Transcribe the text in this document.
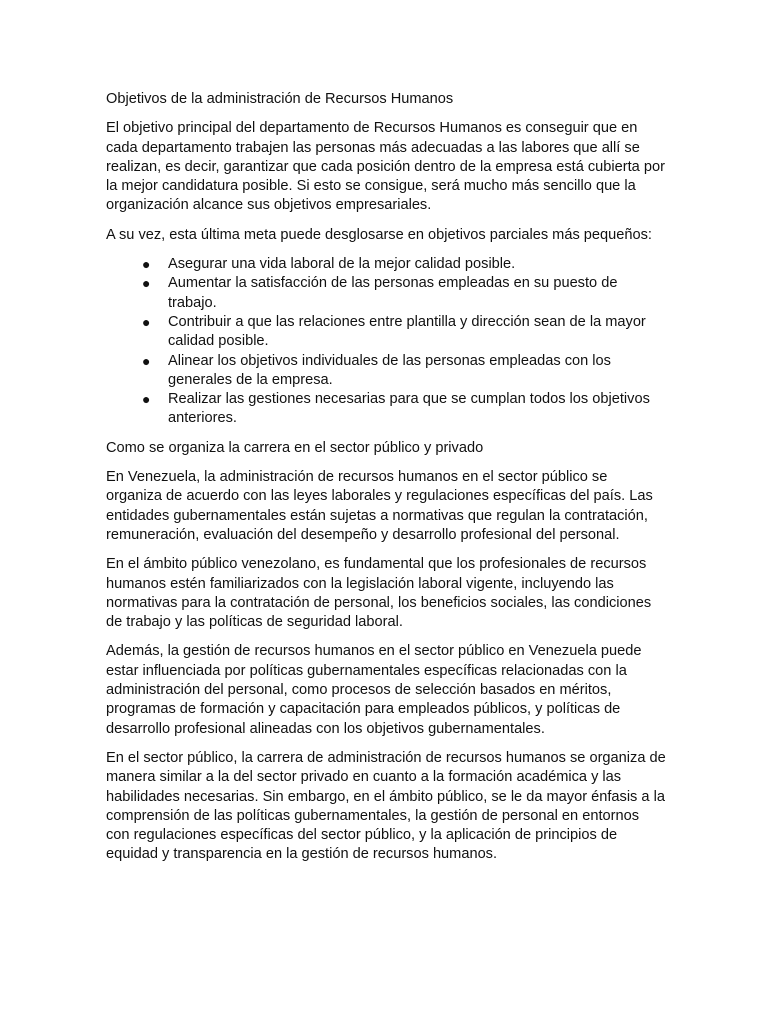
Objetivos de la administración de Recursos Humanos

El objetivo principal del departamento de Recursos Humanos es conseguir que en cada departamento trabajen las personas más adecuadas a las labores que allí se realizan, es decir, garantizar que cada posición dentro de la empresa está cubierta por la mejor candidatura posible. Si esto se consigue, será mucho más sencillo que la organización alcance sus objetivos empresariales.

A su vez, esta última meta puede desglosarse en objetivos parciales más pequeños:

● Asegurar una vida laboral de la mejor calidad posible.
● Aumentar la satisfacción de las personas empleadas en su puesto de trabajo.
● Contribuir a que las relaciones entre plantilla y dirección sean de la mayor calidad posible.
● Alinear los objetivos individuales de las personas empleadas con los generales de la empresa.
● Realizar las gestiones necesarias para que se cumplan todos los objetivos anteriores.

Como se organiza la carrera en el sector público y privado

En Venezuela, la administración de recursos humanos en el sector público se organiza de acuerdo con las leyes laborales y regulaciones específicas del país. Las entidades gubernamentales están sujetas a normativas que regulan la contratación, remuneración, evaluación del desempeño y desarrollo profesional del personal.

En el ámbito público venezolano, es fundamental que los profesionales de recursos humanos estén familiarizados con la legislación laboral vigente, incluyendo las normativas para la contratación de personal, los beneficios sociales, las condiciones de trabajo y las políticas de seguridad laboral.

Además, la gestión de recursos humanos en el sector público en Venezuela puede estar influenciada por políticas gubernamentales específicas relacionadas con la administración del personal, como procesos de selección basados en méritos, programas de formación y capacitación para empleados públicos, y políticas de desarrollo profesional alineadas con los objetivos gubernamentales.

En el sector público, la carrera de administración de recursos humanos se organiza de manera similar a la del sector privado en cuanto a la formación académica y las habilidades necesarias. Sin embargo, en el ámbito público, se le da mayor énfasis a la comprensión de las políticas gubernamentales, la gestión de personal en entornos con regulaciones específicas del sector público, y la aplicación de principios de equidad y transparencia en la gestión de recursos humanos.
